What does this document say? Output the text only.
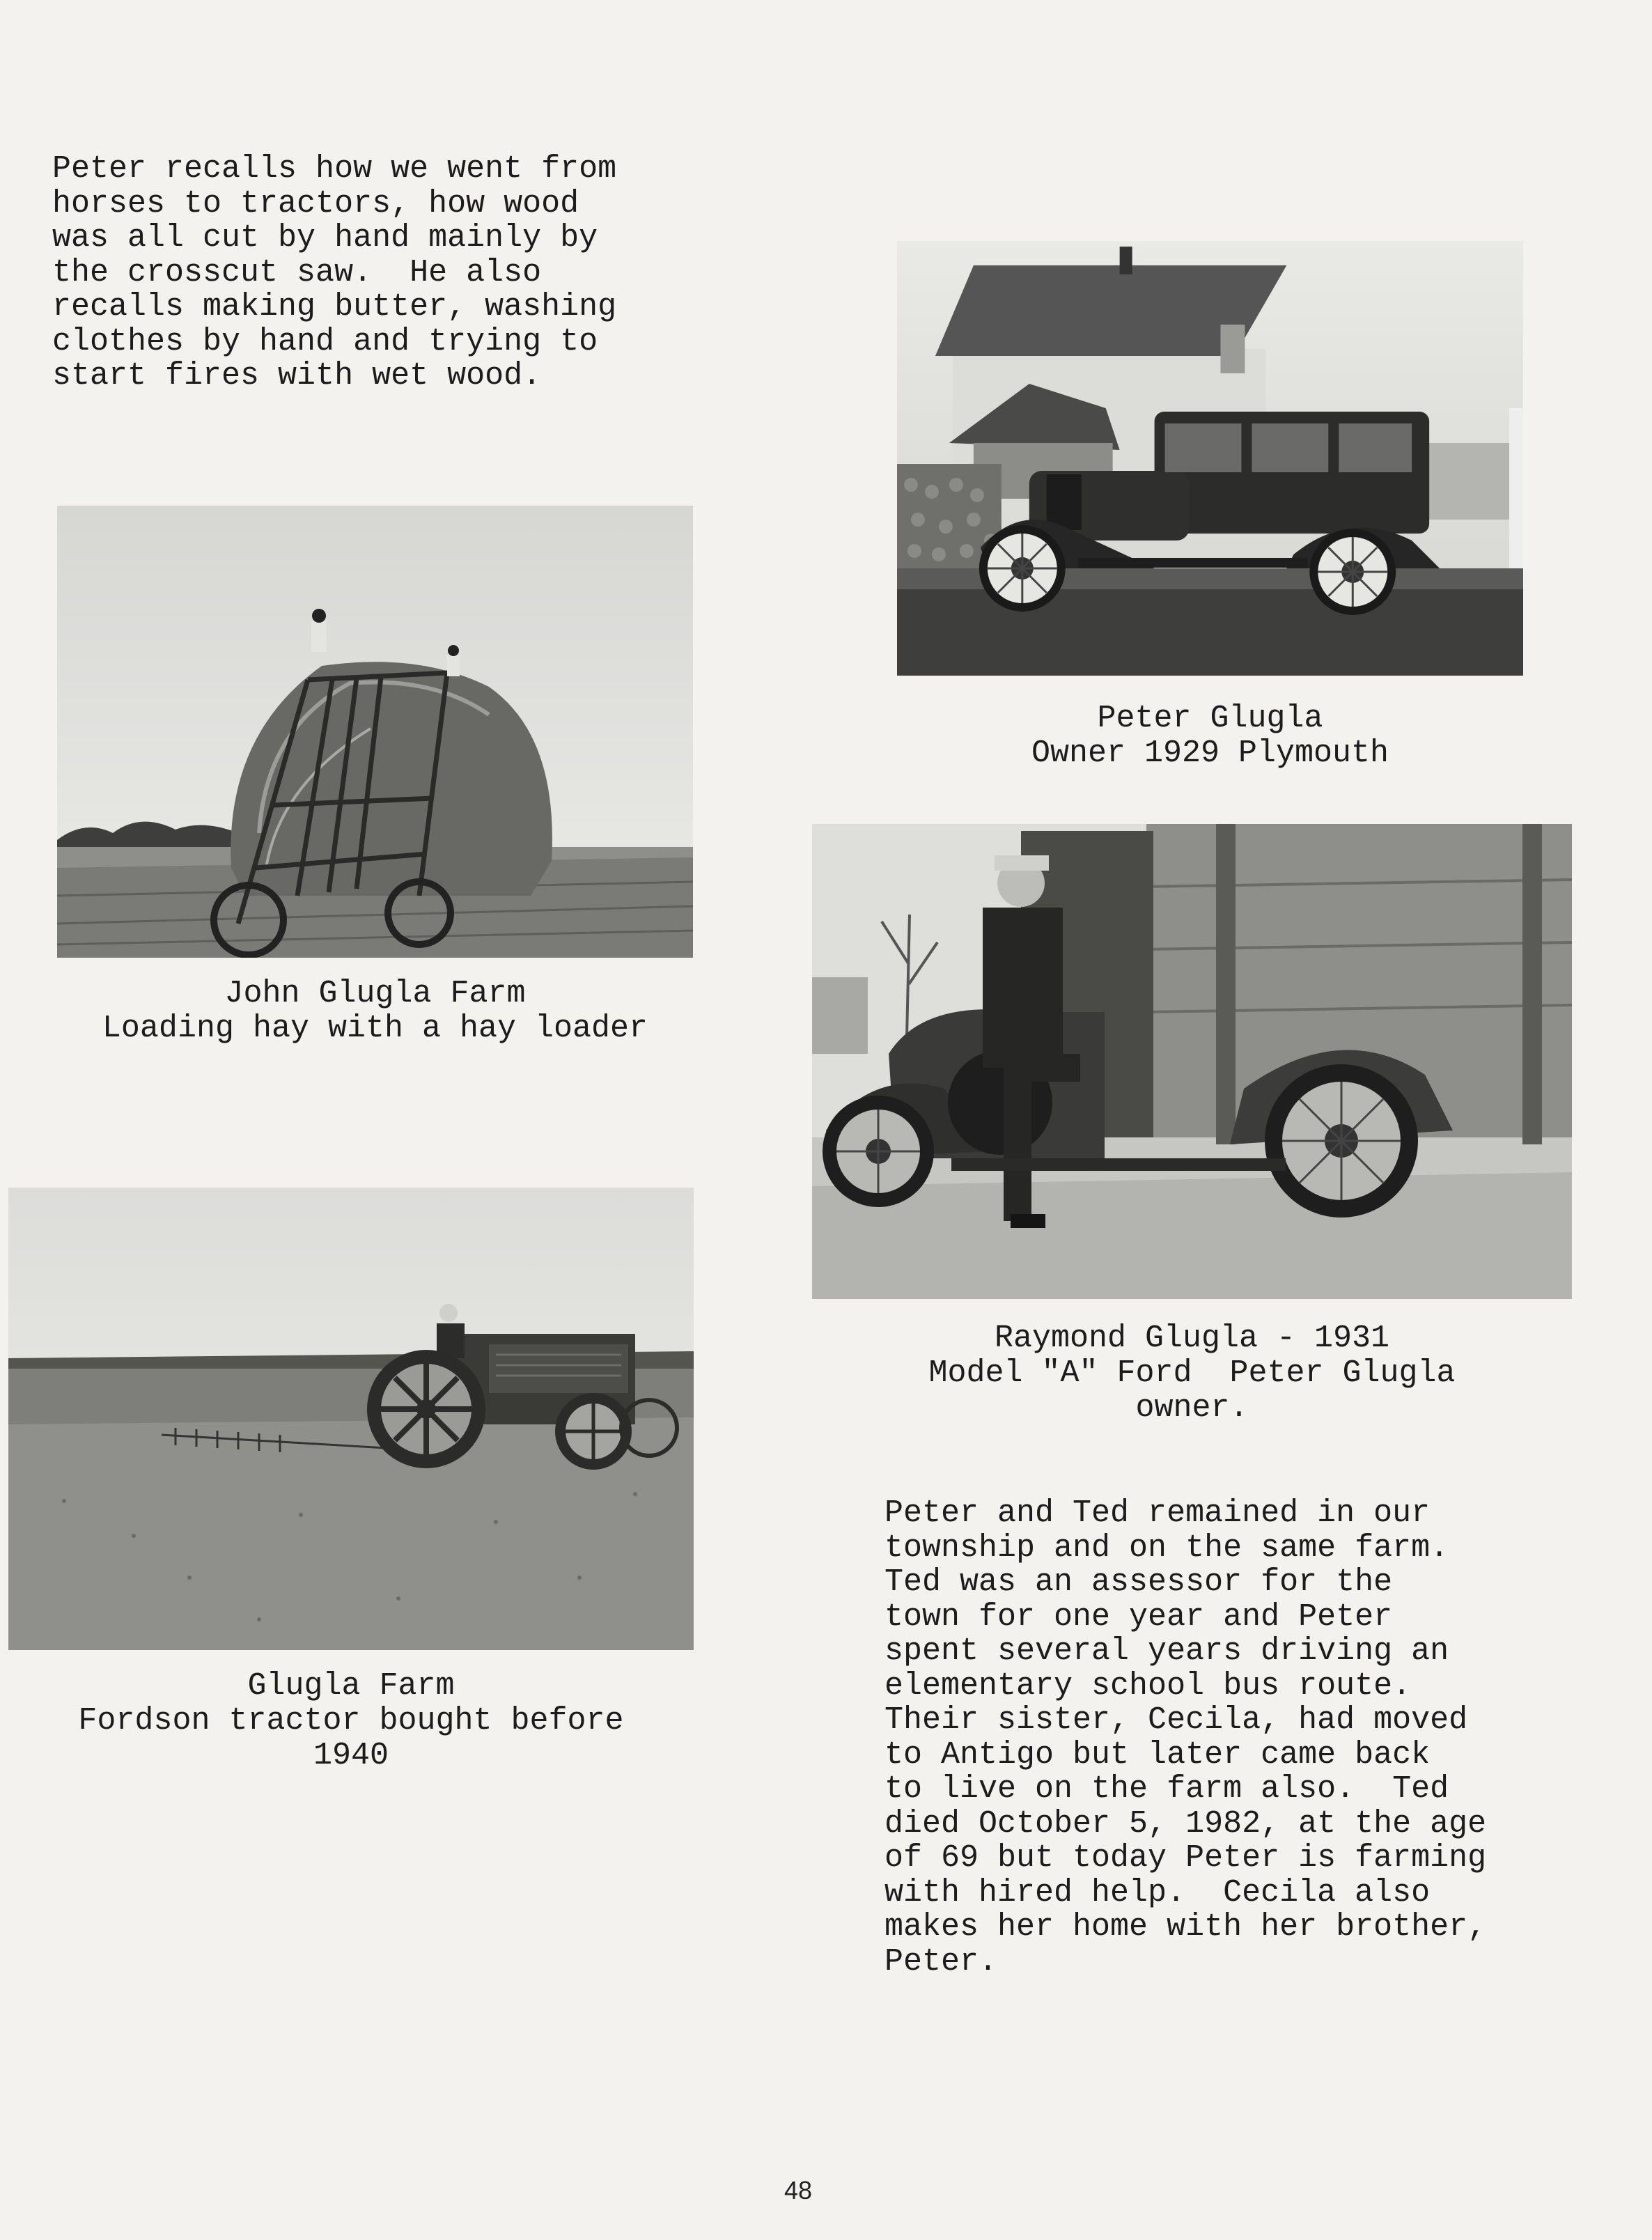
Peter recalls how we went from
horses to tractors, how wood
was all cut by hand mainly by
the crosscut saw.  He also
recalls making butter, washing
clothes by hand and trying to
start fires with wet wood.

Peter Glugla
Owner 1929 Plymouth
John Glugla Farm
Loading hay with a hay loader
Raymond Glugla - 1931
Model "A" Ford  Peter Glugla
owner.
Glugla Farm
Fordson tractor bought before
1940

Peter and Ted remained in our
township and on the same farm.
Ted was an assessor for the
town for one year and Peter
spent several years driving an
elementary school bus route.
Their sister, Cecila, had moved
to Antigo but later came back
to live on the farm also.  Ted
died October 5, 1982, at the age
of 69 but today Peter is farming
with hired help.  Cecila also
makes her home with her brother,
Peter.

48
